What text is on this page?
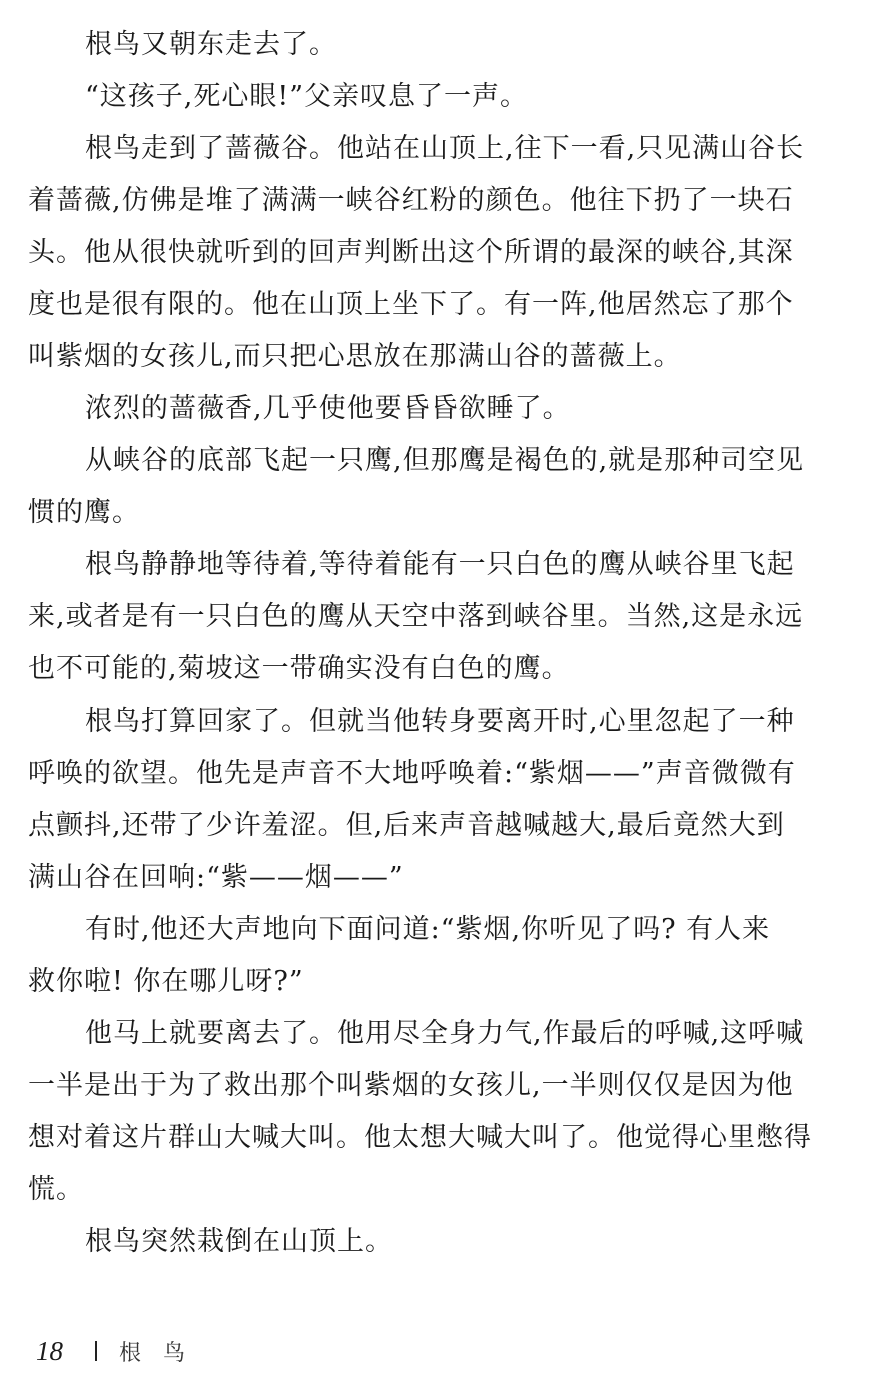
根鸟又朝东走去了。
“这孩子,死心眼!”父亲叹息了一声。
根鸟走到了蔷薇谷。他站在山顶上,往下一看,只见满山谷长
着蔷薇,仿佛是堆了满满一峡谷红粉的颜色。他往下扔了一块石
头。他从很快就听到的回声判断出这个所谓的最深的峡谷,其深
度也是很有限的。他在山顶上坐下了。有一阵,他居然忘了那个
叫紫烟的女孩儿,而只把心思放在那满山谷的蔷薇上。
浓烈的蔷薇香,几乎使他要昏昏欲睡了。
从峡谷的底部飞起一只鹰,但那鹰是褐色的,就是那种司空见
惯的鹰。
根鸟静静地等待着,等待着能有一只白色的鹰从峡谷里飞起
来,或者是有一只白色的鹰从天空中落到峡谷里。当然,这是永远
也不可能的,菊坡这一带确实没有白色的鹰。
根鸟打算回家了。但就当他转身要离开时,心里忽起了一种
呼唤的欲望。他先是声音不大地呼唤着:“紫烟——”声音微微有
点颤抖,还带了少许羞涩。但,后来声音越喊越大,最后竟然大到
满山谷在回响:“紫——烟——”
有时,他还大声地向下面问道:“紫烟,你听见了吗? 有人来
救你啦! 你在哪儿呀?”
他马上就要离去了。他用尽全身力气,作最后的呼喊,这呼喊
一半是出于为了救出那个叫紫烟的女孩儿,一半则仅仅是因为他
想对着这片群山大喊大叫。他太想大喊大叫了。他觉得心里憋得
慌。
根鸟突然栽倒在山顶上。
18	根鸟
